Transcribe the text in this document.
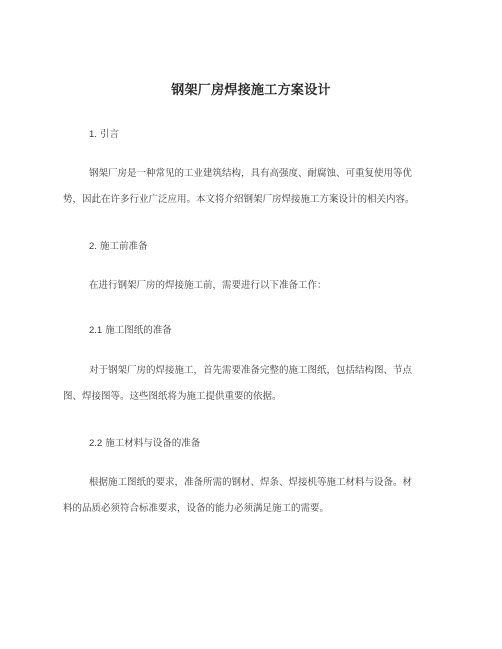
钢架厂房焊接施工方案设计
1. 引言
钢架厂房是一种常见的工业建筑结构，具有高强度、耐腐蚀、可重复使用等优
势，因此在许多行业广泛应用。本文将介绍钢架厂房焊接施工方案设计的相关内容。
2. 施工前准备
在进行钢架厂房的焊接施工前，需要进行以下准备工作：
2.1 施工图纸的准备
对于钢架厂房的焊接施工，首先需要准备完整的施工图纸，包括结构图、节点
图、焊接图等。这些图纸将为施工提供重要的依据。
2.2 施工材料与设备的准备
根据施工图纸的要求，准备所需的钢材、焊条、焊接机等施工材料与设备。材
料的品质必须符合标准要求，设备的能力必须满足施工的需要。
